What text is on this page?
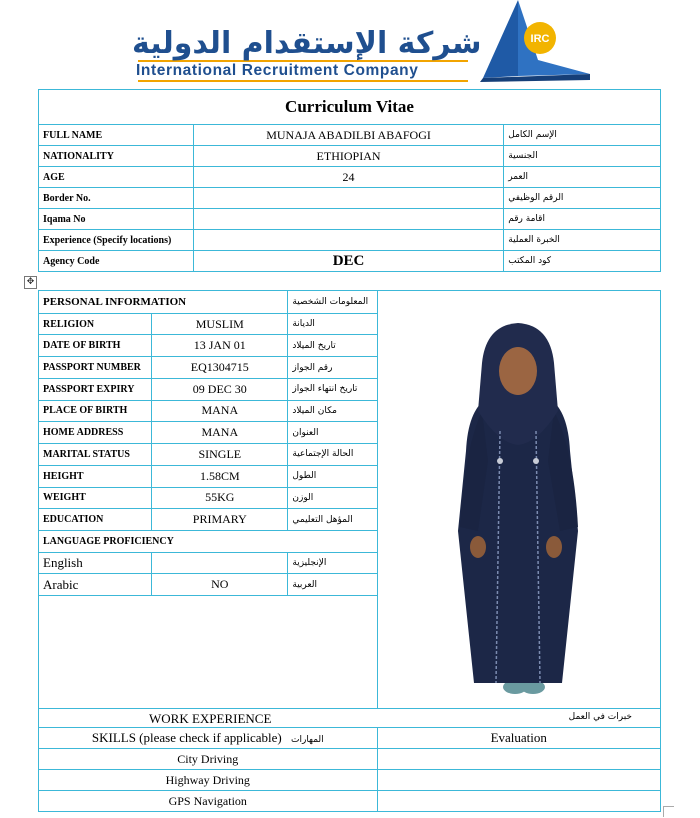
شركة الإستقدام الدولية
International Recruitment Company
IRC
Curriculum Vitae		
FULL NAME	MUNAJA ABADILBI ABAFOGI	الإسم الكامل
NATIONALITY	ETHIOPIAN	الجنسية
AGE	24	العمر
Border No.		الرقم الوظيفي
Iqama No		اقامة رقم
Experience (Specify locations)		الخبرة العملية
Agency Code	DEC	كود المكتب
✥
PERSONAL INFORMATION		المعلومات الشخصية	
RELIGION	MUSLIM	الديانة	
DATE OF BIRTH	13 JAN 01	تاريخ الميلاد	
PASSPORT NUMBER	EQ1304715	رقم الجواز	
PASSPORT EXPIRY	09 DEC 30	تاريخ انتهاء الجواز	
PLACE OF BIRTH	MANA	مكان الميلاد	
HOME ADDRESS	MANA	العنوان	
MARITAL STATUS	SINGLE	الحالة الإجتماعية	
HEIGHT	1.58CM	الطول	
WEIGHT	55KG	الوزن	
EDUCATION	PRIMARY	المؤهل التعليمي	
LANGUAGE PROFICIENCY			
English		الإنجليزية	
Arabic	NO	العربية	

WORK EXPERIENCE خبرات في العمل			

SKILLS (please check if applicable) المهارات			Evaluation
City Driving			
Highway Driving			
GPS Navigation			
